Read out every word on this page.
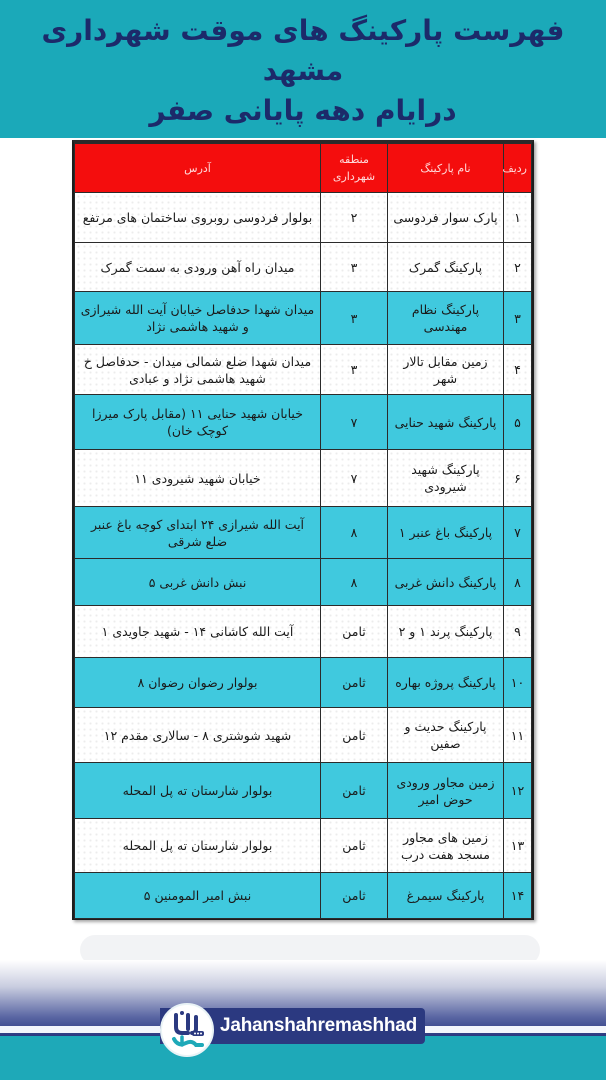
فهرست پارکینگ های موقت شهرداری مشهد
درایام دهه پایانی صفر
ردیف	نام پارکینگ	منطقه شهرداری	آدرس
۱	پارک سوار فردوسی	۲	بولوار فردوسی روبروی ساختمان های مرتفع
۲	پارکینگ گمرک	۳	میدان راه آهن ورودی به سمت گمرک
۳	پارکینگ نظام مهندسی	۳	میدان شهدا حدفاصل خیابان آیت الله شیرازی و شهید هاشمی نژاد
۴	زمین مقابل تالار شهر	۳	میدان شهدا ضلع شمالی میدان - حدفاصل خ شهید هاشمی نژاد و عبادی
۵	پارکینگ شهید حنایی	۷	خیابان شهید حنایی ۱۱ (مقابل پارک میرزا کوچک خان)
۶	پارکینگ شهید شیرودی	۷	خیابان شهید شیرودی ۱۱
۷	پارکینگ باغ عنبر ۱	۸	آیت الله شیرازی ۲۴ ابتدای کوچه باغ عنبر ضلع شرقی
۸	پارکینگ دانش غربی	۸	نبش دانش غربی ۵
۹	پارکینگ پرند ۱ و ۲	ثامن	آیت الله کاشانی ۱۴ - شهید جاویدی ۱
۱۰	پارکینگ پروژه بهاره	ثامن	بولوار رضوان رضوان ۸
۱۱	پارکینگ حدیث و صفین	ثامن	شهید شوشتری ۸ - سالاری مقدم ۱۲
۱۲	زمین مجاور ورودی حوض امیر	ثامن	بولوار شارستان ته پل المحله
۱۳	زمین های مجاور مسجد هفت درب	ثامن	بولوار شارستان ته پل المحله
۱۴	پارکینگ سیمرغ	ثامن	نبش امیر المومنین ۵
Jahanshahremashhad
